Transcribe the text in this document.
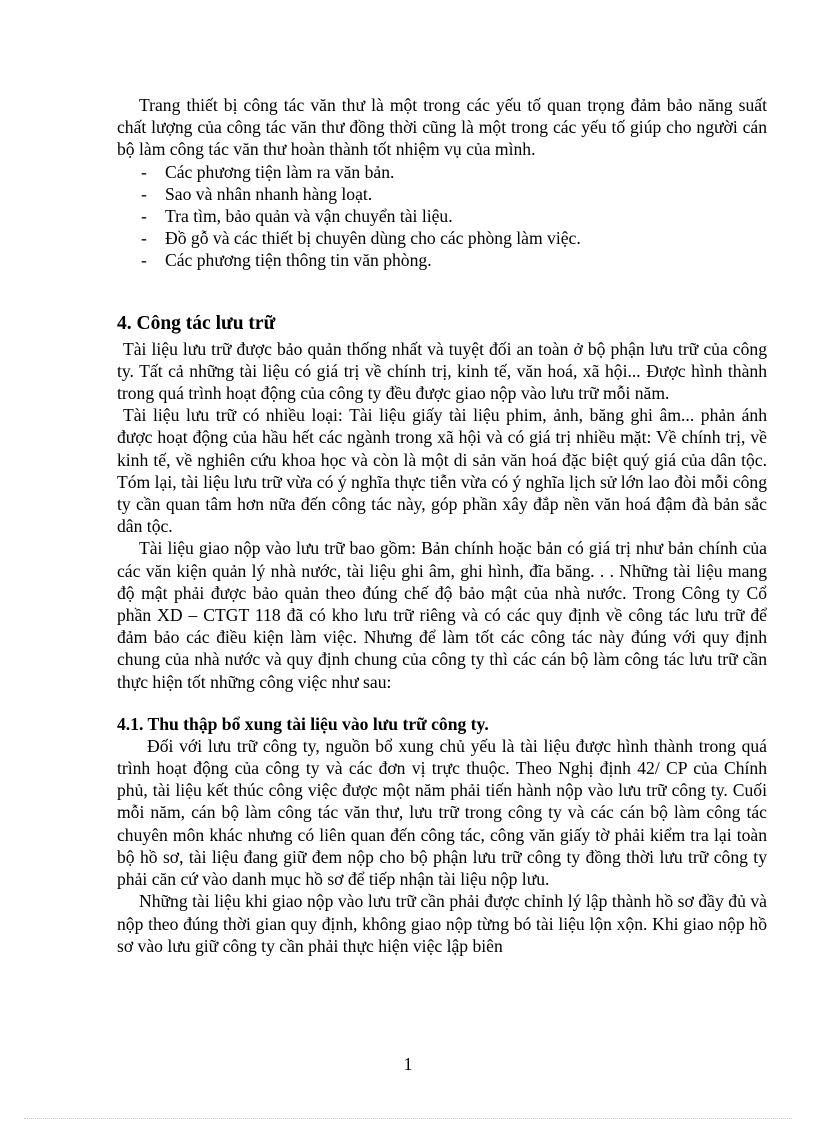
Trang thiết bị công tác văn thư là một trong các yếu tố quan trọng đảm bảo năng suất chất lượng của công tác văn thư đồng thời cũng là một trong các yếu tố giúp cho người cán bộ làm công tác văn thư hoàn thành tốt nhiệm vụ của mình.

- Các phương tiện làm ra văn bản.
- Sao và nhân nhanh hàng loạt.
- Tra tìm, bảo quản và vận chuyển tài liệu.
- Đồ gỗ và các thiết bị chuyên dùng cho các phòng làm việc.
- Các phương tiện thông tin văn phòng.
4. Công tác lưu trữ

Tài liệu lưu trữ được bảo quản thống nhất và tuyệt đối an toàn ở bộ phận lưu trữ của công ty. Tất cả những tài liệu có giá trị về chính trị, kinh tế, văn hoá, xã hội... Được hình thành trong quá trình hoạt động của công ty đều được giao nộp vào lưu trữ mỗi năm.

Tài liệu lưu trữ có nhiều loại: Tài liệu giấy tài liệu phim, ảnh, băng ghi âm... phản ánh được hoạt động của hầu hết các ngành trong xã hội và có giá trị nhiều mặt: Về chính trị, về kinh tế, về nghiên cứu khoa học và còn là một di sản văn hoá đặc biệt quý giá của dân tộc. Tóm lại, tài liệu lưu trữ vừa có ý nghĩa thực tiễn vừa có ý nghĩa lịch sử lớn lao đòi mỗi công ty cần quan tâm hơn nữa đến công tác này, góp phần xây đắp nền văn hoá đậm đà bản sắc dân tộc.

Tài liệu giao nộp vào lưu trữ bao gồm: Bản chính hoặc bản có giá trị như bản chính của các văn kiện quản lý nhà nước, tài liệu ghi âm, ghi hình, đĩa băng. . . Những tài liệu mang độ mật phải được bảo quản theo đúng chế độ bảo mật của nhà nước. Trong Công ty Cổ phần XD – CTGT 118 đã có kho lưu trữ riêng và có các quy định về công tác lưu trữ để đảm bảo các điều kiện làm việc. Nhưng để làm tốt các công tác này đúng với quy định chung của nhà nước và quy định chung của công ty thì các cán bộ làm công tác lưu trữ cần thực hiện tốt những công việc như sau:

4.1. Thu thập bổ xung tài liệu vào lưu trữ công ty.

Đối với lưu trữ công ty, nguồn bổ xung chủ yếu là tài liệu được hình thành trong quá trình hoạt động của công ty và các đơn vị trực thuộc. Theo Nghị định 42/ CP của Chính phủ, tài liệu kết thúc công việc được một năm phải tiến hành nộp vào lưu trữ công ty. Cuối mỗi năm, cán bộ làm công tác văn thư, lưu trữ trong công ty và các cán bộ làm công tác chuyên môn khác nhưng có liên quan đến công tác, công văn giấy tờ phải kiểm tra lại toàn bộ hồ sơ, tài liệu đang giữ đem nộp cho bộ phận lưu trữ công ty đồng thời lưu trữ công ty phải căn cứ vào danh mục hồ sơ để tiếp nhận tài liệu nộp lưu.

Những tài liệu khi giao nộp vào lưu trữ cần phải được chỉnh lý lập thành hồ sơ đầy đủ và nộp theo đúng thời gian quy định, không giao nộp từng bó tài liệu lộn xộn. Khi giao nộp hồ sơ vào lưu giữ công ty cần phải thực hiện việc lập biên

1
